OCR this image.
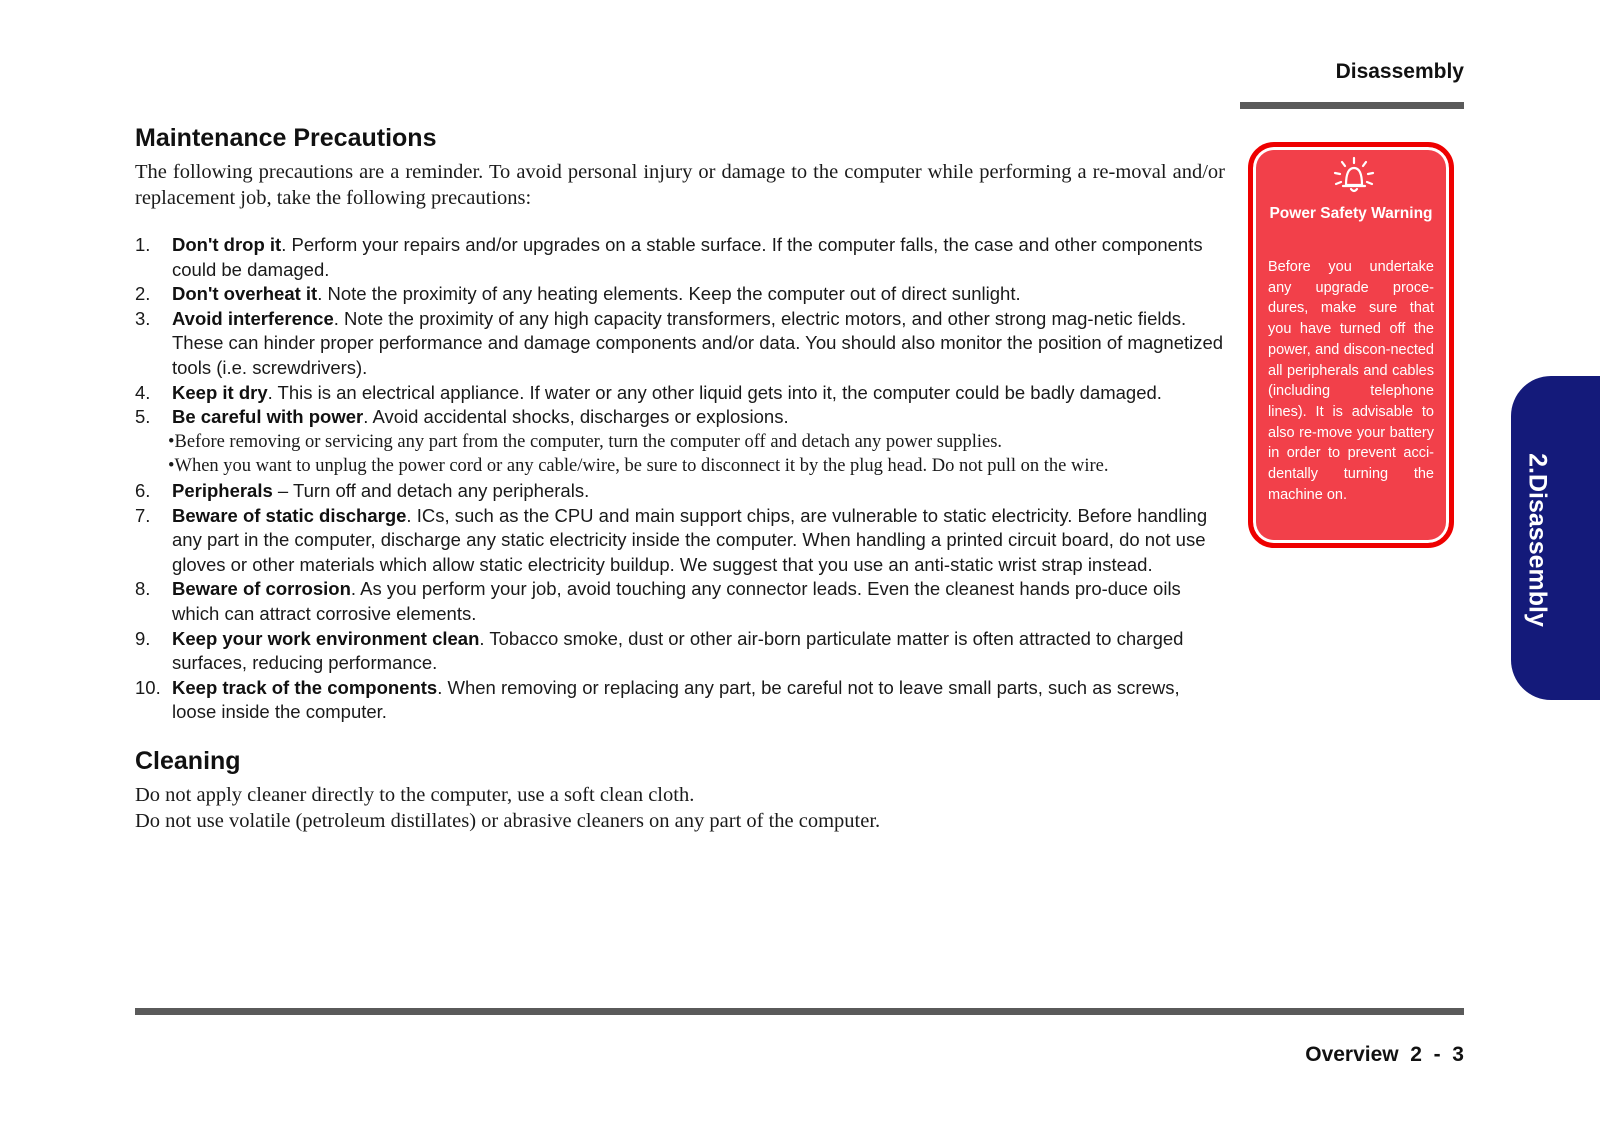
Disassembly
2.Disassembly
Maintenance Precautions

The following precautions are a reminder. To avoid personal injury or damage to the computer while performing a re-moval and/or replacement job, take the following precautions:

1. Don't drop it. Perform your repairs and/or upgrades on a stable surface. If the computer falls, the case and other components could be damaged.
2. Don't overheat it. Note the proximity of any heating elements. Keep the computer out of direct sunlight.
3. Avoid interference. Note the proximity of any high capacity transformers, electric motors, and other strong mag-netic fields. These can hinder proper performance and damage components and/or data. You should also monitor the position of magnetized tools (i.e. screwdrivers).
4. Keep it dry. This is an electrical appliance. If water or any other liquid gets into it, the computer could be badly damaged.
5. Be careful with power. Avoid accidental shocks, discharges or explosions.
•Before removing or servicing any part from the computer, turn the computer off and detach any power supplies.
•When you want to unplug the power cord or any cable/wire, be sure to disconnect it by the plug head. Do not pull on the wire.
6. Peripherals – Turn off and detach any peripherals.
7. Beware of static discharge. ICs, such as the CPU and main support chips, are vulnerable to static electricity. Before handling any part in the computer, discharge any static electricity inside the computer. When handling a printed circuit board, do not use gloves or other materials which allow static electricity buildup. We suggest that you use an anti-static wrist strap instead.
8. Beware of corrosion. As you perform your job, avoid touching any connector leads. Even the cleanest hands pro-duce oils which can attract corrosive elements.
9. Keep your work environment clean. Tobacco smoke, dust or other air-born particulate matter is often attracted to charged surfaces, reducing performance.
10. Keep track of the components. When removing or replacing any part, be careful not to leave small parts, such as screws, loose inside the computer.
Cleaning

Do not apply cleaner directly to the computer, use a soft clean cloth.

Do not use volatile (petroleum distillates) or abrasive cleaners on any part of the computer.

Power Safety Warning
Before you undertake any upgrade proce-dures, make sure that you have turned off the power, and discon-nected all peripherals and cables (including telephone lines). It is advisable to also re-move your battery in order to prevent acci-dentally turning the machine on.
Overview  2  -  3
